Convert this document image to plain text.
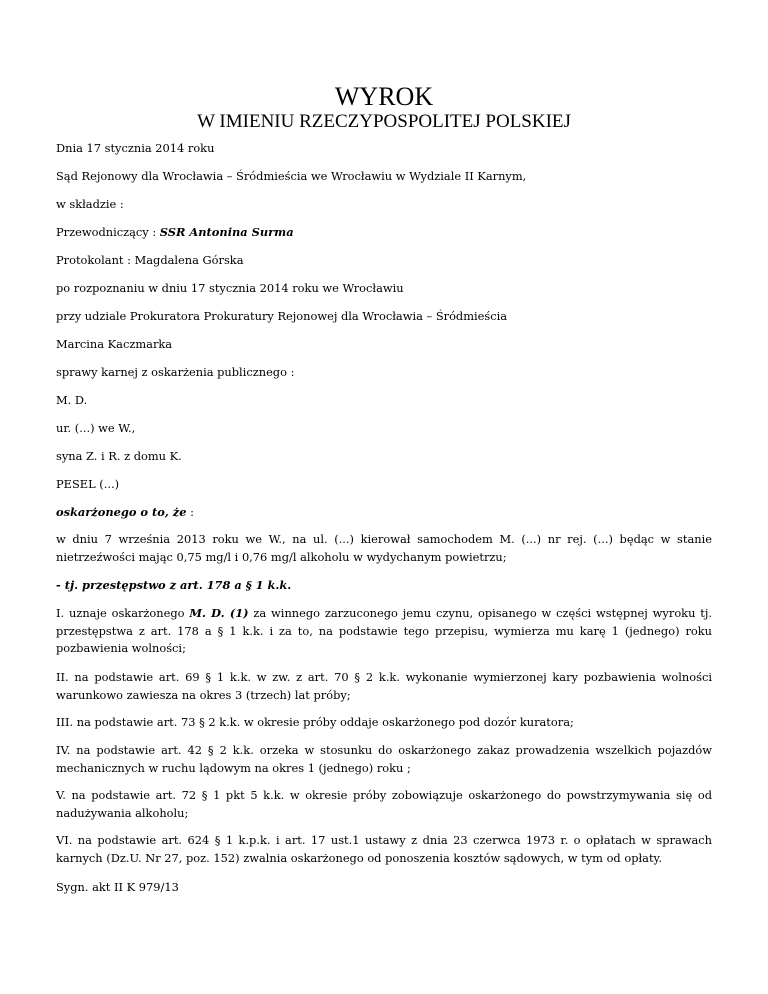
WYROK
W IMIENIU RZECZYPOSPOLITEJ POLSKIEJ

Dnia 17 stycznia 2014 roku

Sąd Rejonowy dla Wrocławia – Śródmieścia we Wrocławiu w Wydziale II Karnym,

w składzie :

Przewodniczący : SSR Antonina Surma

Protokolant : Magdalena Górska

po rozpoznaniu w dniu 17 stycznia 2014 roku we Wrocławiu

przy udziale Prokuratora Prokuratury Rejonowej dla Wrocławia – Śródmieścia

Marcina Kaczmarka

sprawy karnej z oskarżenia publicznego :

M. D.

ur. (...) we W.,

syna Z. i R. z domu K.

PESEL (...)

oskarżonego o to, że :

w dniu 7 września 2013 roku we W., na ul. (...) kierował samochodem M. (...) nr rej. (...) będąc w stanie nietrzeźwości mając 0,75 mg/l i 0,76 mg/l alkoholu w wydychanym powietrzu;

- tj. przestępstwo z art. 178 a § 1 k.k.

I. uznaje oskarżonego M. D. (1) za winnego zarzuconego jemu czynu, opisanego w części wstępnej wyroku tj. przestępstwa z art. 178 a § 1 k.k. i za to, na podstawie tego przepisu, wymierza mu karę 1 (jednego) roku pozbawienia wolności;

II. na podstawie art. 69 § 1 k.k. w zw. z art. 70 § 2 k.k. wykonanie wymierzonej kary pozbawienia wolności warunkowo zawiesza na okres 3 (trzech) lat próby;

III. na podstawie art. 73 § 2 k.k. w okresie próby oddaje oskarżonego pod dozór kuratora;

IV. na podstawie art. 42 § 2 k.k. orzeka w stosunku do oskarżonego zakaz prowadzenia wszelkich pojazdów mechanicznych w ruchu lądowym na okres 1 (jednego) roku ;

V. na podstawie art. 72 § 1 pkt 5 k.k. w okresie próby zobowiązuje oskarżonego do powstrzymywania się od nadużywania alkoholu;

VI. na podstawie art. 624 § 1 k.p.k. i art. 17 ust.1 ustawy z dnia 23 czerwca 1973 r. o opłatach w sprawach karnych (Dz.U. Nr 27, poz. 152) zwalnia oskarżonego od ponoszenia kosztów sądowych, w tym od opłaty.

Sygn. akt II K 979/13
